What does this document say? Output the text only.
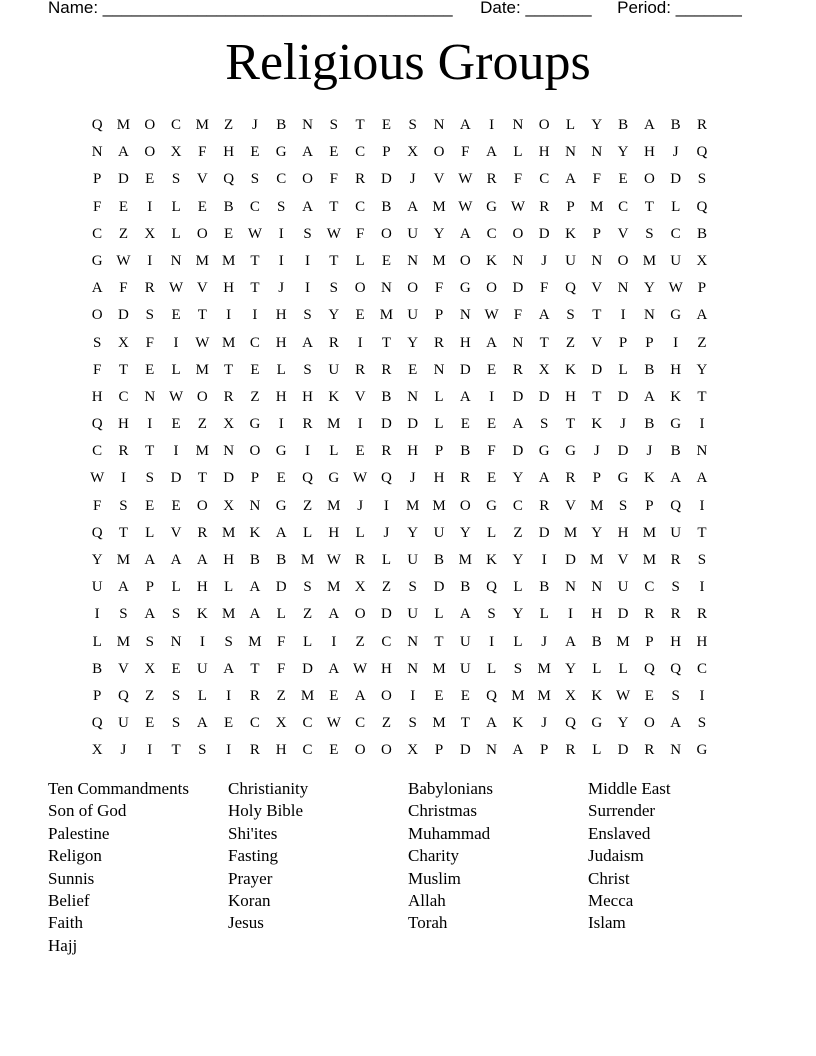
Name: _____________________________________ Date: _______ Period: _______
Religious Groups
Q M O	C M	Z	J	B	N	S	T	E	S	N	A	I	N	O	L	Y	B	A	B	R
N	A	O	X	F	H	E	G	A	E	C	P	X	O	F	A	L	H	N	N	Y	H	J	Q
P	D	E	S	V	Q	S	C	O	F	R	D	J	V W R	F	C	A	F	E	O	D	S
F	E	I	L	E	B	C	S	A	T	C	B	A M W G W R	P	M C	T	L	Q
C	Z	X	L	O	E W	I	S	W	F	O	U	Y	A	C	O	D	K	P	V	S	C	B
G W	I	N M M	T	I	I	T	L	E	N M O	K	N	J	U	N	O M U	X
A	F	R W V	H	T	J	I	S	O	N	O	F	G	O	D	F	Q	V	N	Y W	P
O	D	S	E	T	I	I	H	S	Y	E	M U	P	N W	F	A	S	T	I	N	G	A
S	X	F	I	W M C	H	A	R	I	T	Y	R	H	A	N	T	Z	V	P	P	I	Z
F	T	E	L	M	T	E	L	S	U	R	R	E	N	D	E	R	X	K	D	L	B	H	Y
H	C	N W O	R	Z	H	H	K	V	B	N	L	A	I	D	D	H	T	D	A	K	T
Q	H	I	E	Z	X	G	I	R M	I	D	D	L	E	E	A	S	T	K	J	B	G	I
C	R	T	I	M N	O	G	I	L	E	R	H	P	B	F	D	G	G	J	D	J	B	N
W	I	S	D	T	D	P	E	Q	G W Q	J	H	R	E	Y	A	R	P	G	K	A	A
F	S	E	E	O	X	N	G	Z	M	J	I	M M O	G	C	R	V M	S	P	Q	I
Q	T	L	V	R M K	A	L	H	L	J	Y	U	Y	L	Z	D M Y	H M U	T
Y M A	A	A	H	B	B M W R	L	U	B M K	Y	I	D M V M R	S
U	A	P	L	H	L	A	D	S	M X	Z	S	D	B	Q	L	B	N	N	U	C	S	I
I	S	A	S	K M A	L	Z	A	O	D	U	L	A	S	Y	L	I	H	D	R	R	R
L	M	S	N	I	S	M	F	L	I	Z	C	N	T	U	I	L	J	A	B M	P	H	H
B	V	X	E	U	A	T	F	D	A W H	N M U	L	S	M Y	L	L	Q	Q	C
P	Q	Z	S	L	I	R	Z	M	E	A	O	I	E	E	Q M M X	K W E	S	I
Q	U	E	S	A	E	C	X	C W C	Z	S	M	T	A	K	J	Q	G	Y	O	A	S
X	J	I	T	S	I	R	H	C	E	O	O	X	P	D	N	A	P	R	L	D	R	N	G
Ten Commandments	Christianity	Babylonians	Middle East
Son of God	Holy Bible	Christmas	Surrender
Palestine	Shi'ites	Muhammad	Enslaved
Religon	Fasting	Charity	Judaism
Sunnis	Prayer	Muslim	Christ
Belief	Koran	Allah	Mecca
Faith	Jesus	Torah	Islam
Hajj
